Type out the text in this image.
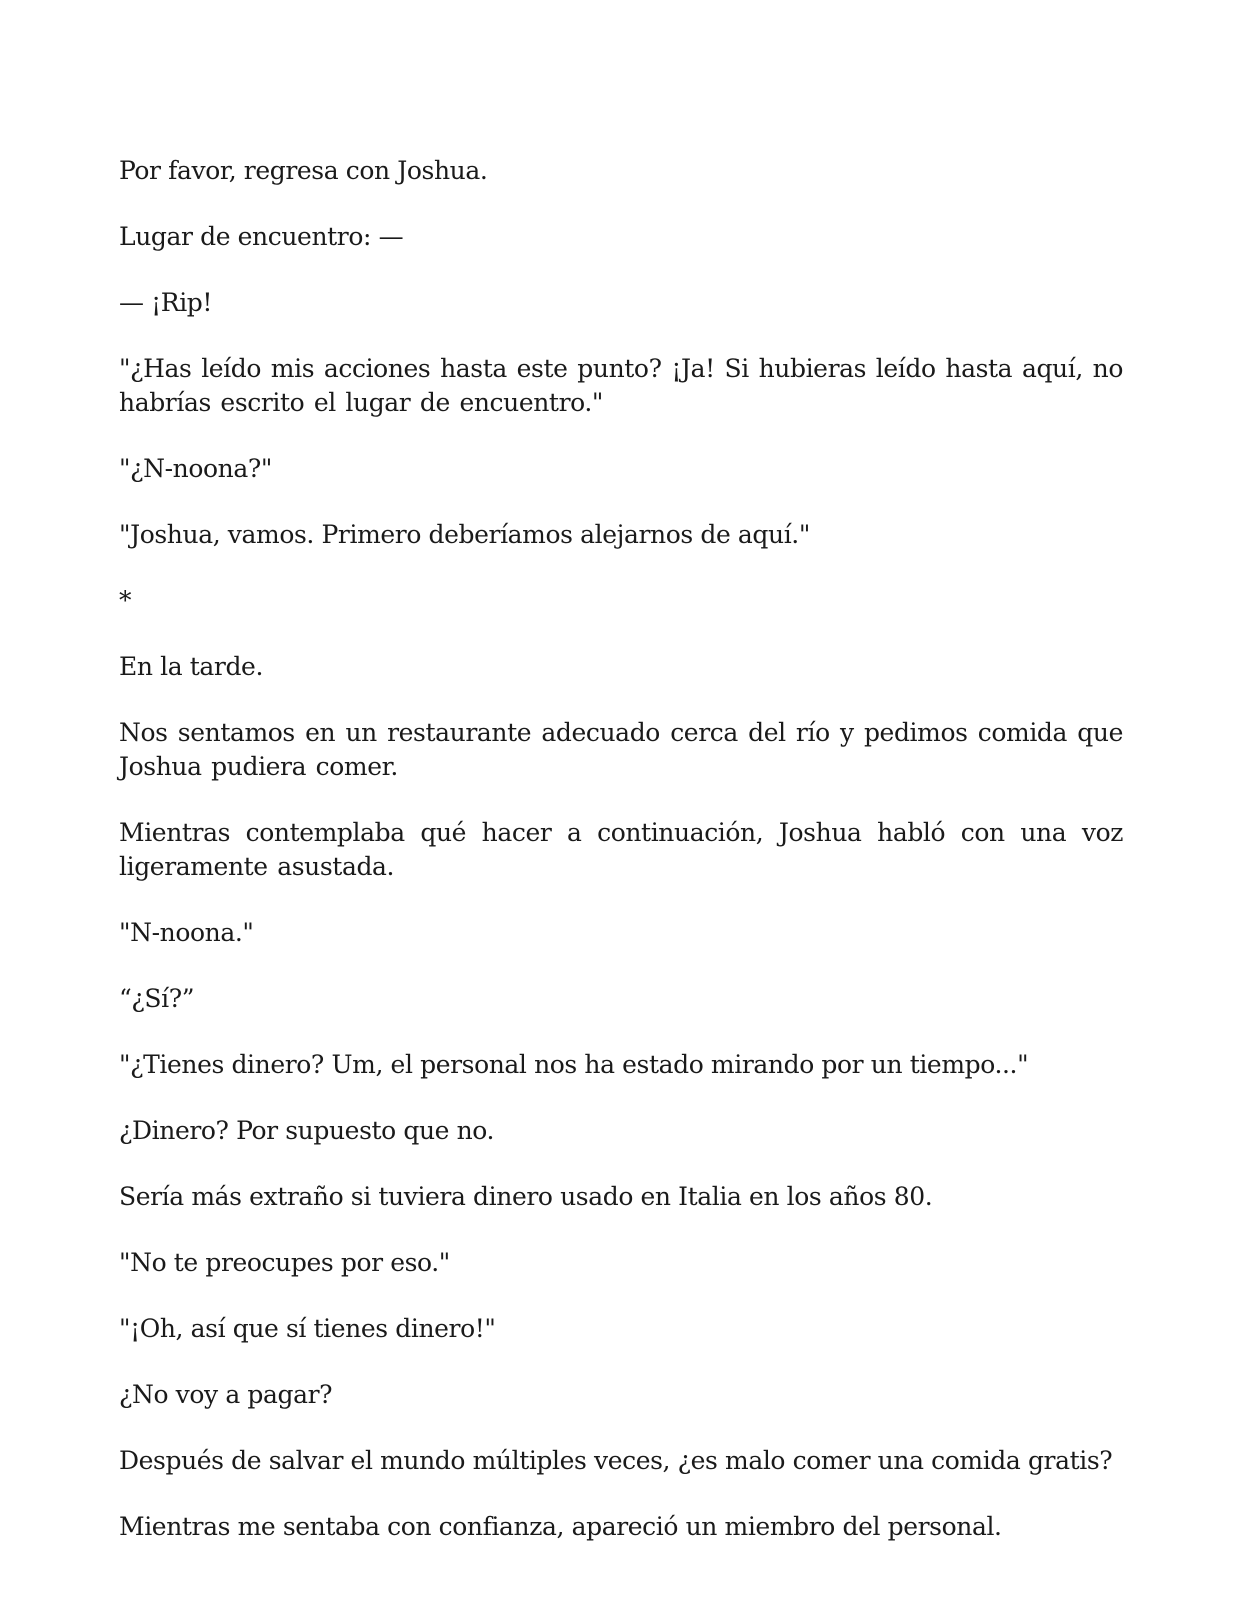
Por favor, regresa con Joshua.

Lugar de encuentro: —

— ¡Rip!

"¿Has leído mis acciones hasta este punto? ¡Ja! Si hubieras leído hasta aquí, no habrías escrito el lugar de encuentro."

"¿N-noona?"

"Joshua, vamos. Primero deberíamos alejarnos de aquí."

*

En la tarde.

Nos sentamos en un restaurante adecuado cerca del río y pedimos comida que Joshua pudiera comer.

Mientras contemplaba qué hacer a continuación, Joshua habló con una voz ligeramente asustada.

"N-noona."

“¿Sí?”

"¿Tienes dinero? Um, el personal nos ha estado mirando por un tiempo..."

¿Dinero? Por supuesto que no.

Sería más extraño si tuviera dinero usado en Italia en los años 80.

"No te preocupes por eso."

"¡Oh, así que sí tienes dinero!"

¿No voy a pagar?

Después de salvar el mundo múltiples veces, ¿es malo comer una comida gratis?

Mientras me sentaba con confianza, apareció un miembro del personal.
